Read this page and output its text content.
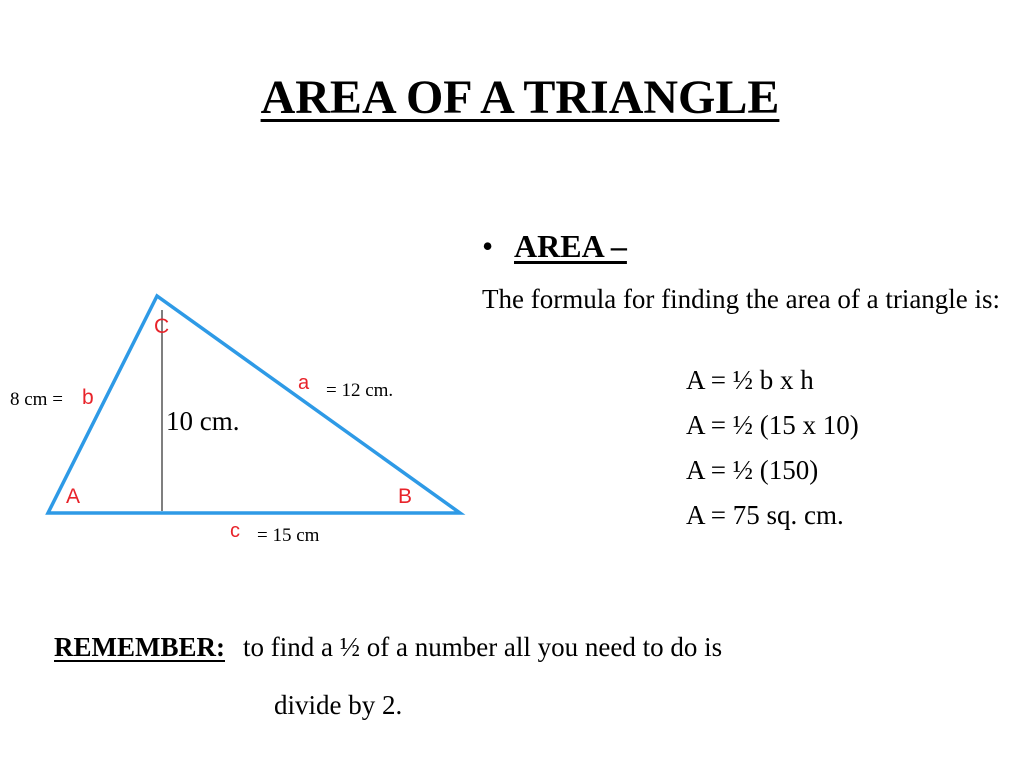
AREA OF A TRIANGLE
C
A	B
a
b
c
8 cm =	= 12 cm.
= 15 cm
10 cm.
• AREA –

The formula for finding the area of a triangle is:

A = ½ b x h
A = ½ (15 x 10)
A = ½ (150)
A = 75 sq. cm.
REMEMBER: to find a ½ of a number all you need to do is
divide by 2.
